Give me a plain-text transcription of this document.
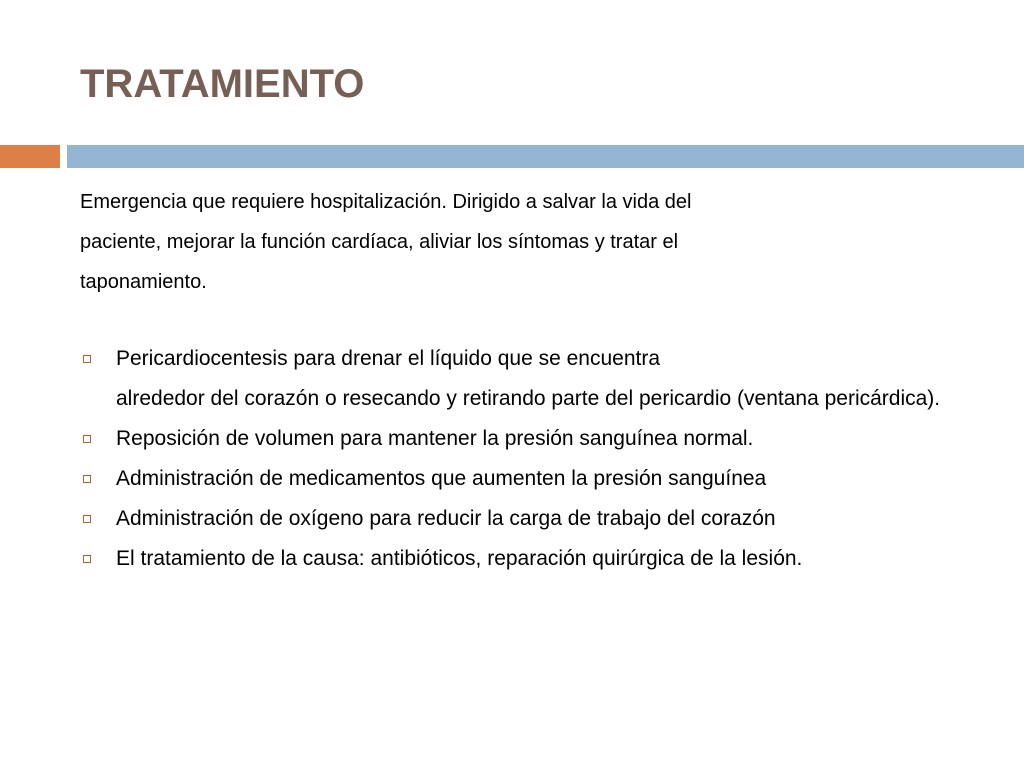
TRATAMIENTO

Emergencia que requiere hospitalización. Dirigido a salvar la vida del
paciente, mejorar la función cardíaca, aliviar los síntomas y tratar el
taponamiento.

Pericardiocentesis para drenar el líquido que se encuentra
alrededor del corazón o resecando y retirando parte del pericardio (ventana pericárdica).
Reposición de volumen para mantener la presión sanguínea normal.
Administración de medicamentos que aumenten la presión sanguínea
Administración de oxígeno para reducir la carga de trabajo del corazón
El tratamiento de la causa: antibióticos, reparación quirúrgica de la lesión.
